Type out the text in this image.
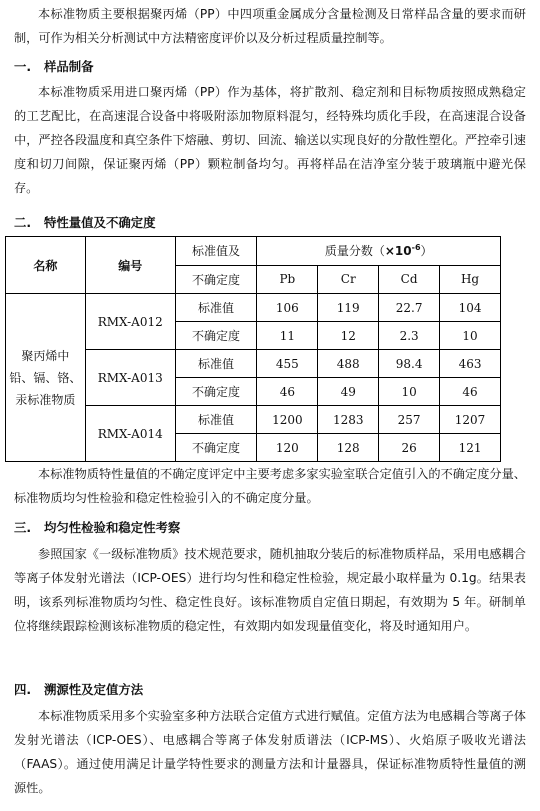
本标准物质主要根据聚丙烯（PP）中四项重金属成分含量检测及日常样品含量的要求而研制，可作为相关分析测试中方法精密度评价以及分析过程质量控制等。

一. 样品制备

本标准物质采用进口聚丙烯（PP）作为基体，将扩散剂、稳定剂和目标物质按照成熟稳定的工艺配比，在高速混合设备中将吸附添加物原料混匀，经特殊均质化手段，在高速混合设备中，严控各段温度和真空条件下熔融、剪切、回流、输送以实现良好的分散性塑化。严控牵引速度和切刀间隙，保证聚丙烯（PP）颗粒制备均匀。再将样品在洁净室分装于玻璃瓶中避光保存。

二. 特性量值及不确定度
名称	编号	标准值及	质量分数$(\times 10^{-6})$			
		不确定度	Pb	Cr	Cd	Hg
聚丙烯中
铅、镉、铬、
汞标准物质	RMX-A012	标准值	106	119	22.7	104
		不确定度	11	12	2.3	10
	RMX-A013	标准值	455	488	98.4	463
		不确定度	46	49	10	46
	RMX-A014	标准值	1200	1283	257	1207
		不确定度	120	128	26	121

本标准物质特性量值的不确定度评定中主要考虑多家实验室联合定值引入的不确定度分量、标准物质均匀性检验和稳定性检验引入的不确定度分量。

三. 均匀性检验和稳定性考察

参照国家《一级标准物质》技术规范要求，随机抽取分装后的标准物质样品，采用电感耦合等离子体发射光谱法（ICP-OES）进行均匀性和稳定性检验，规定最小取样量为 0.1g。结果表明，该系列标准物质均匀性、稳定性良好。该标准物质自定值日期起，有效期为 5 年。研制单位将继续跟踪检测该标准物质的稳定性，有效期内如发现量值变化，将及时通知用户。

四. 溯源性及定值方法

本标准物质采用多个实验室多种方法联合定值方式进行赋值。定值方法为电感耦合等离子体发射光谱法（ICP-OES）、电感耦合等离子体发射质谱法（ICP-MS）、火焰原子吸收光谱法（FAAS）。通过使用满足计量学特性要求的测量方法和计量器具，保证标准物质特性量值的溯源性。
